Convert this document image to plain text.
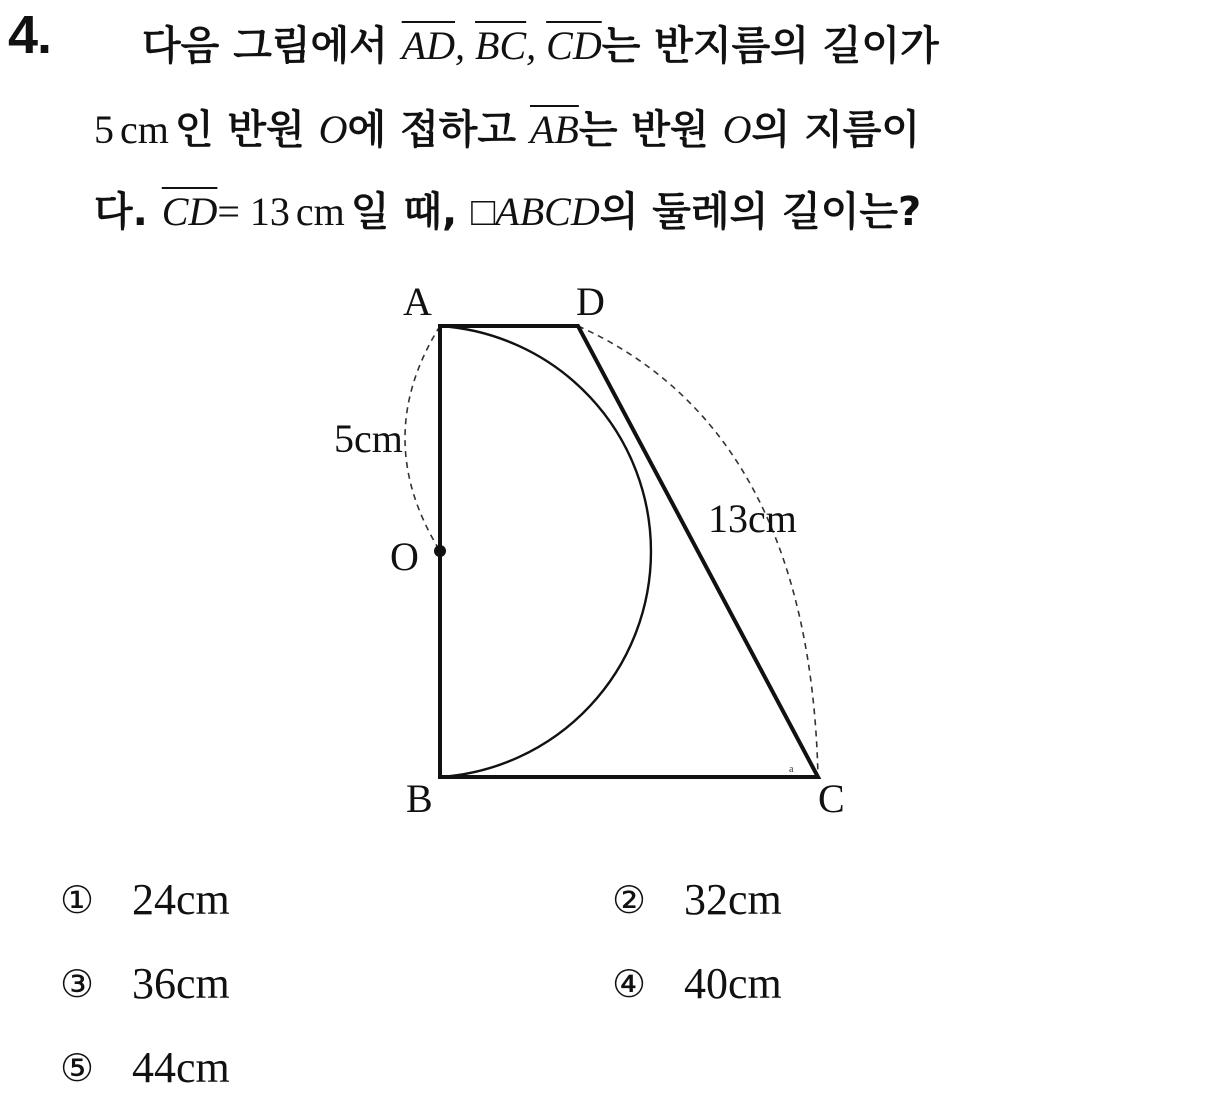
4. 다음 그림에서 $\overline{AD}$, $\overline{BC}$, $\overline{CD}$는 반지름의 길이가
5 cm 인 반원 O에 접하고 $\overline{AB}$는 반원 O의 지름이
다. $\overline{CD}= 13$ cm 일 때, □ABCD의 둘레의 길이는?
a
A	D
O
B	C
5cm
13cm
① 24cm	② 32cm
③ 36cm	④ 40cm
⑤ 44cm
